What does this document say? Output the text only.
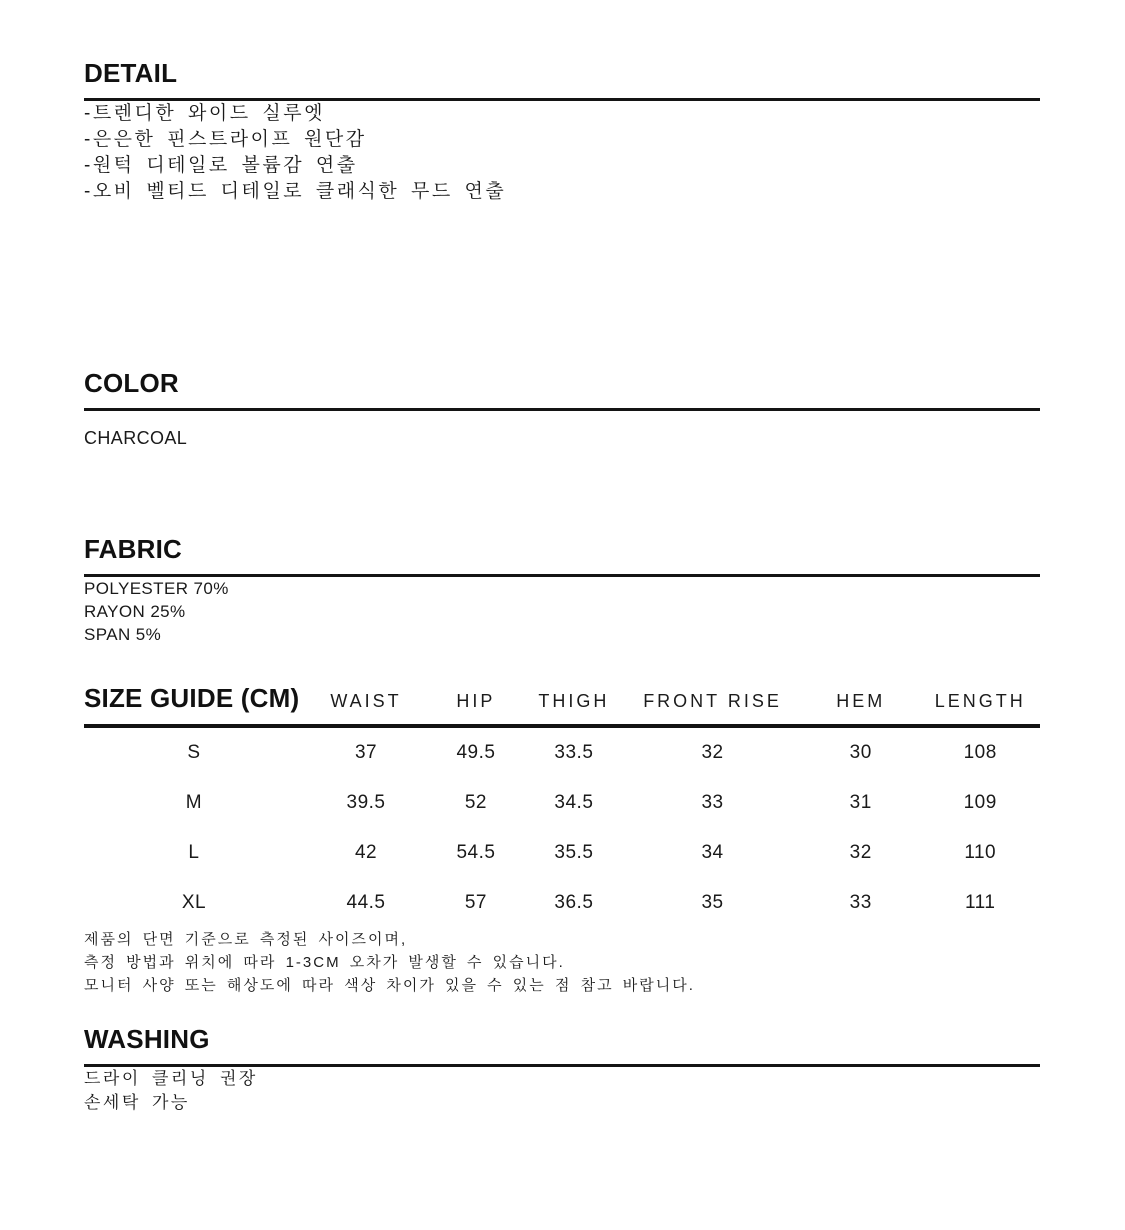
DETAIL
-트렌디한 와이드 실루엣
-은은한 핀스트라이프 원단감
-원턱 디테일로 볼륨감 연출
-오비 벨티드 디테일로 클래식한 무드 연출
COLOR

CHARCOAL

FABRIC
POLYESTER 70%
RAYON 25%
SPAN 5%
SIZE GUIDE (CM)	WAIST	HIP	THIGH	FRONT RISE	HEM	LENGTH
S	37	49.5	33.5	32	30	108
M	39.5	52	34.5	33	31	109
L	42	54.5	35.5	34	32	110
XL	44.5	57	36.5	35	33	111
제품의 단면 기준으로 측정된 사이즈이며,
측정 방법과 위치에 따라 1-3CM 오차가 발생할 수 있습니다.
모니터 사양 또는 해상도에 따라 색상 차이가 있을 수 있는 점 참고 바랍니다.
WASHING
드라이 클리닝 권장
손세탁 가능
